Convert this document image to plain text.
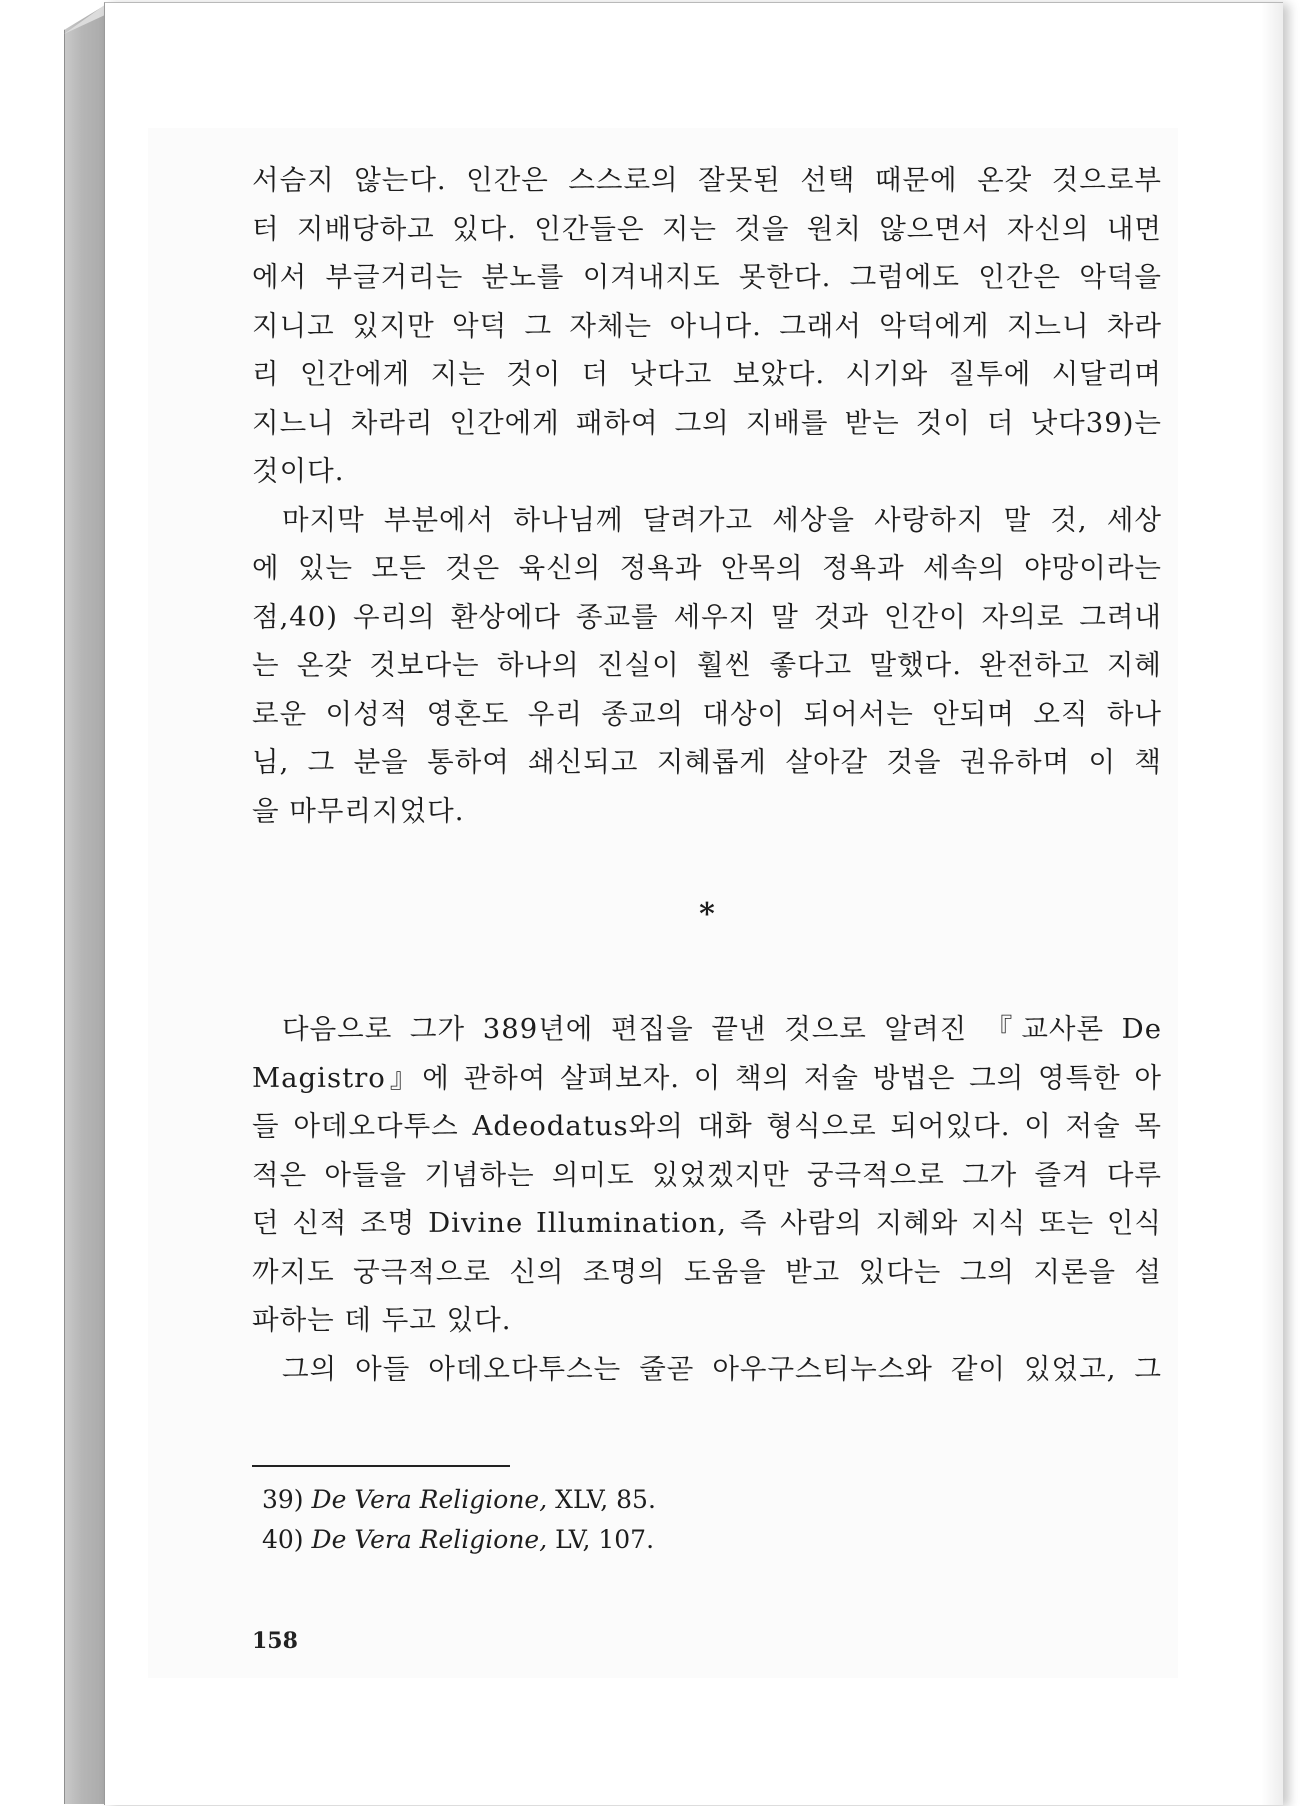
서슴지 않는다. 인간은 스스로의 잘못된 선택 때문에 온갖 것으로부
터 지배당하고 있다. 인간들은 지는 것을 원치 않으면서 자신의 내면
에서 부글거리는 분노를 이겨내지도 못한다. 그럼에도 인간은 악덕을
지니고 있지만 악덕 그 자체는 아니다. 그래서 악덕에게 지느니 차라
리 인간에게 지는 것이 더 낫다고 보았다. 시기와 질투에 시달리며
지느니 차라리 인간에게 패하여 그의 지배를 받는 것이 더 낫다39)는
것이다.
마지막 부분에서 하나님께 달려가고 세상을 사랑하지 말 것, 세상
에 있는 모든 것은 육신의 정욕과 안목의 정욕과 세속의 야망이라는
점,40) 우리의 환상에다 종교를 세우지 말 것과 인간이 자의로 그려내
는 온갖 것보다는 하나의 진실이 훨씬 좋다고 말했다. 완전하고 지혜
로운 이성적 영혼도 우리 종교의 대상이 되어서는 안되며 오직 하나
님, 그 분을 통하여 쇄신되고 지혜롭게 살아갈 것을 권유하며 이 책
을 마무리지었다.
*
다음으로 그가 389년에 편집을 끝낸 것으로 알려진 『교사론 De
Magistro』에 관하여 살펴보자. 이 책의 저술 방법은 그의 영특한 아
들 아데오다투스 Adeodatus와의 대화 형식으로 되어있다. 이 저술 목
적은 아들을 기념하는 의미도 있었겠지만 궁극적으로 그가 즐겨 다루
던 신적 조명 Divine Illumination, 즉 사람의 지혜와 지식 또는 인식
까지도 궁극적으로 신의 조명의 도움을 받고 있다는 그의 지론을 설
파하는 데 두고 있다.
그의 아들 아데오다투스는 줄곧 아우구스티누스와 같이 있었고, 그
39) De Vera Religione, XLV, 85.
40) De Vera Religione, LV, 107.
158
